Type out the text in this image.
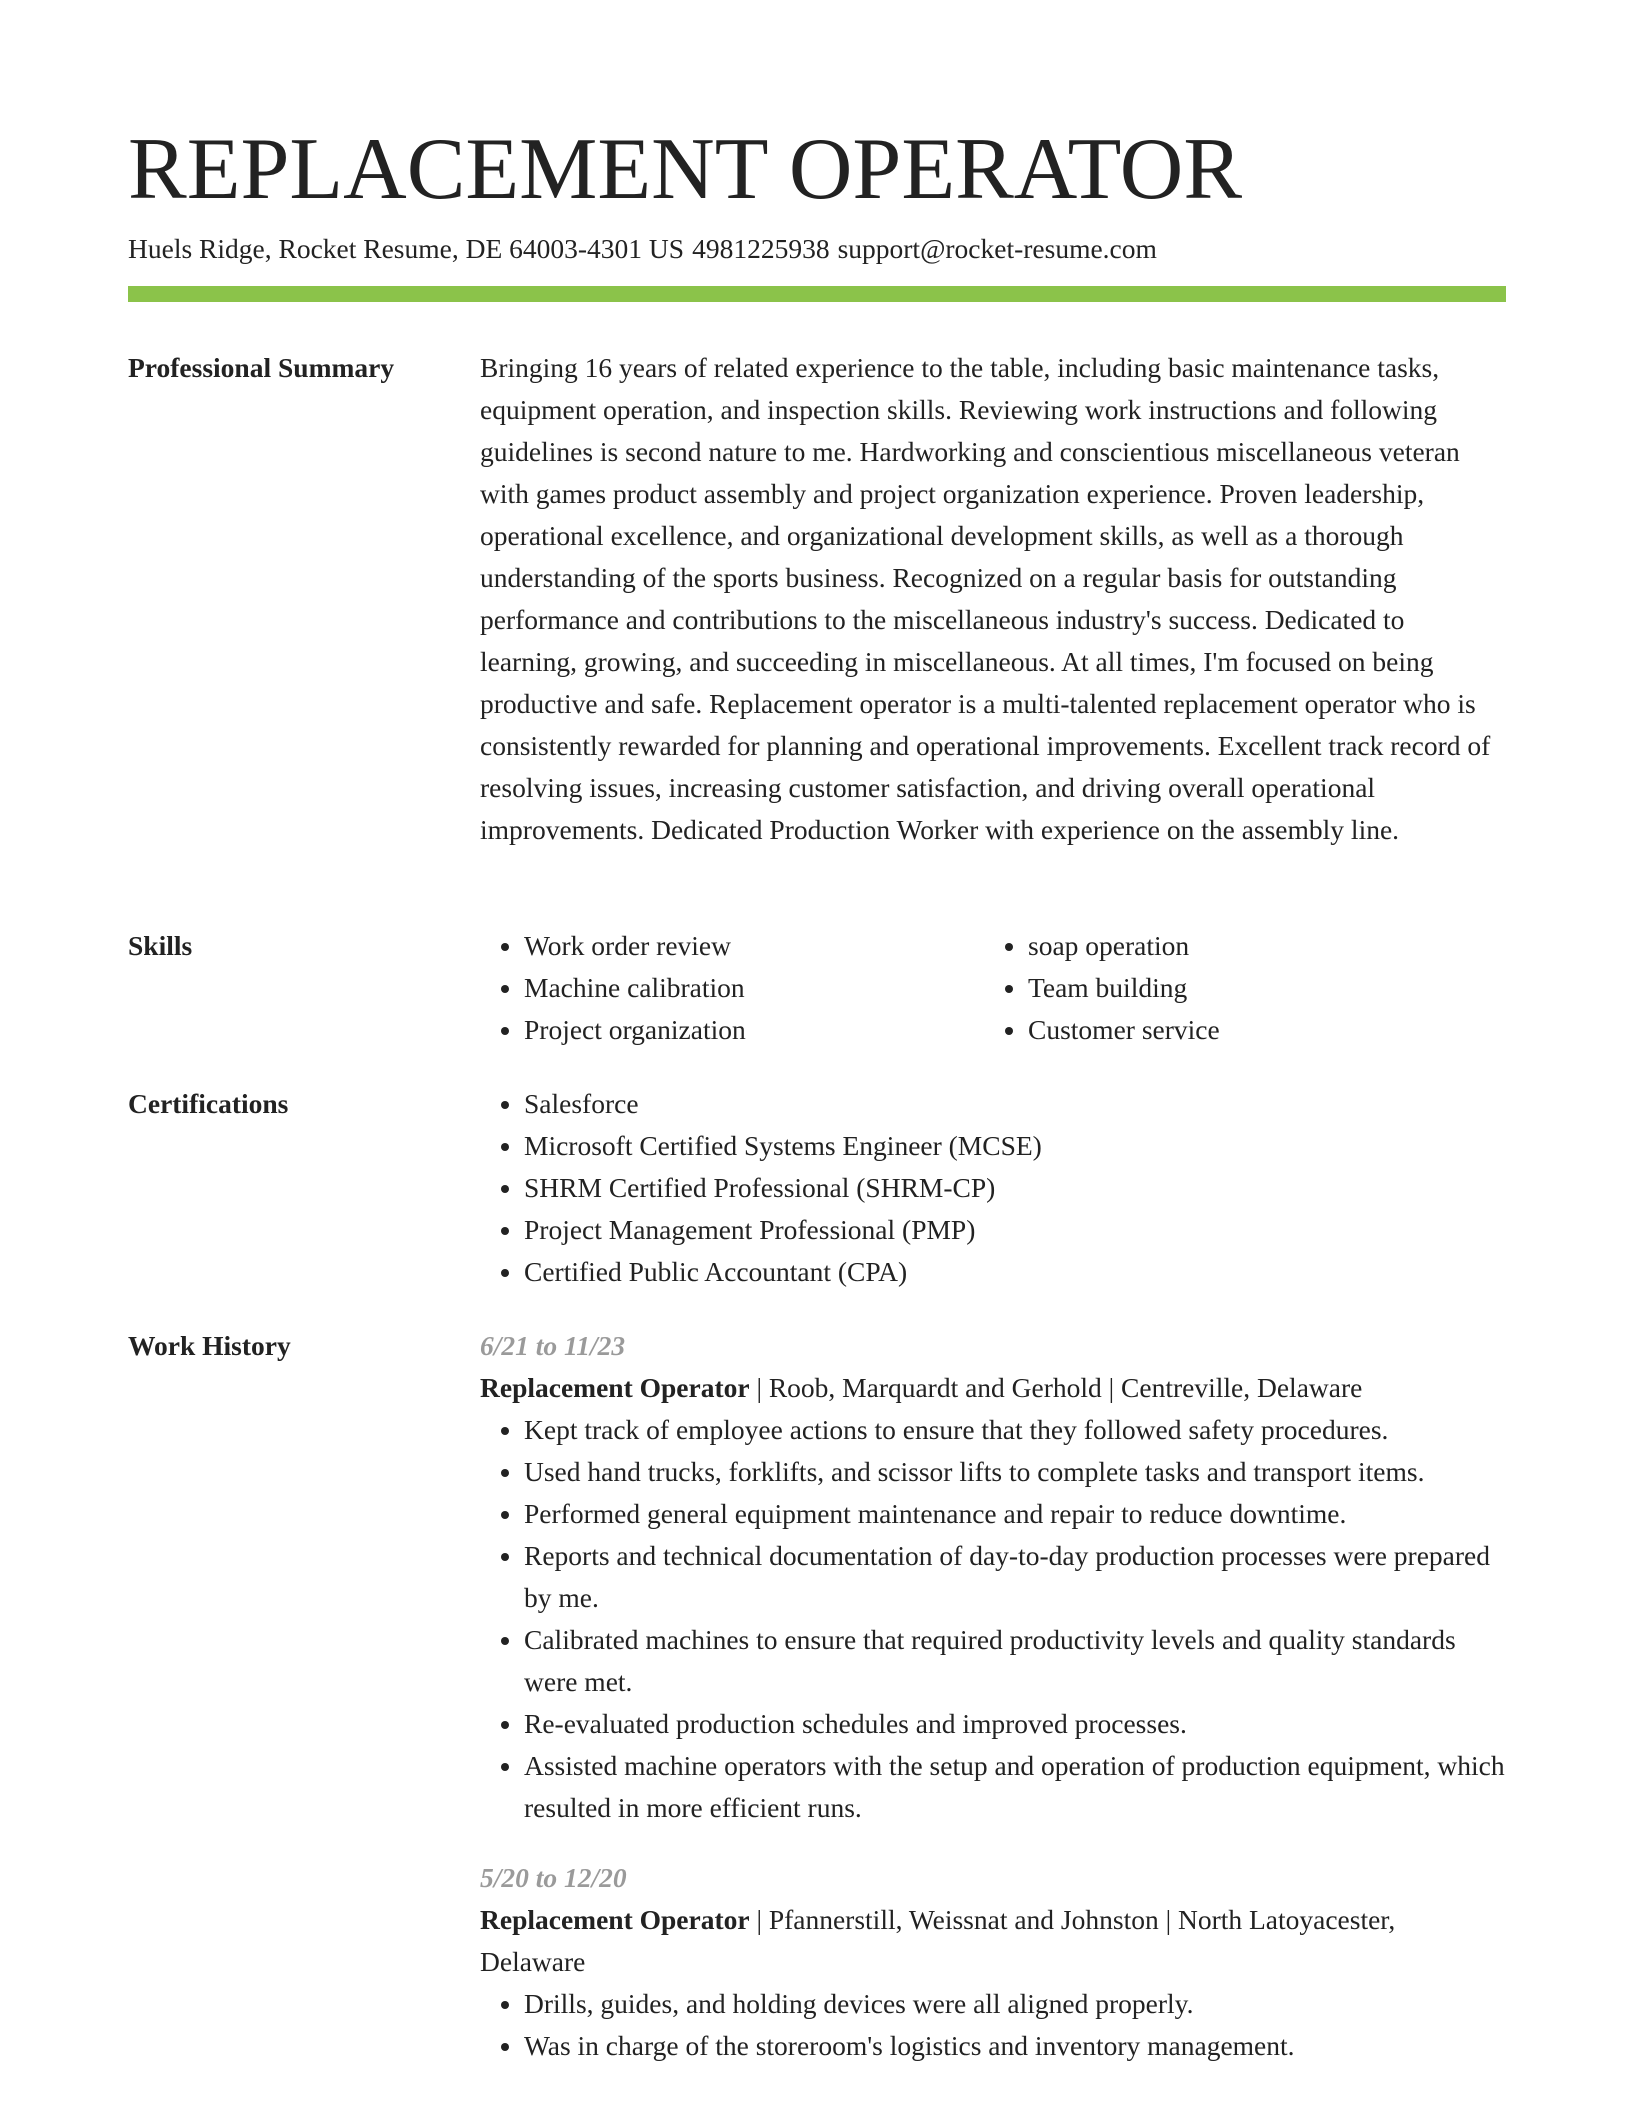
REPLACEMENT OPERATOR
Huels Ridge, Rocket Resume, DE 64003-4301 US 4981225938 support@rocket-resume.com
Professional Summary	Bringing 16 years of related experience to the table, including basic maintenance tasks, equipment operation, and inspection skills. Reviewing work instructions and following guidelines is second nature to me. Hardworking and conscientious miscellaneous veteran with games product assembly and project organization experience. Proven leadership, operational excellence, and organizational development skills, as well as a thorough understanding of the sports business. Recognized on a regular basis for outstanding performance and contributions to the miscellaneous industry's success. Dedicated to learning, growing, and succeeding in miscellaneous. At all times, I'm focused on being productive and safe. Replacement operator is a multi-talented replacement operator who is consistently rewarded for planning and operational improvements. Excellent track record of resolving issues, increasing customer satisfaction, and driving overall operational improvements. Dedicated Production Worker with experience on the assembly line.

Skills	• Work order review
• Machine calibration
• Project organization
• soap operation
• Team building
• Customer service
Certifications	• Salesforce
• Microsoft Certified Systems Engineer (MCSE)
• SHRM Certified Professional (SHRM-CP)
• Project Management Professional (PMP)
• Certified Public Accountant (CPA)
Work History	6/21 to 11/23
Replacement Operator | Roob, Marquardt and Gerhold | Centreville, Delaware
• Kept track of employee actions to ensure that they followed safety procedures.
• Used hand trucks, forklifts, and scissor lifts to complete tasks and transport items.
• Performed general equipment maintenance and repair to reduce downtime.
• Reports and technical documentation of day-to-day production processes were prepared by me.
• Calibrated machines to ensure that required productivity levels and quality standards were met.
• Re-evaluated production schedules and improved processes.
• Assisted machine operators with the setup and operation of production equipment, which resulted in more efficient runs.
5/20 to 12/20
Replacement Operator | Pfannerstill, Weissnat and Johnston | North Latoyacester, Delaware
• Drills, guides, and holding devices were all aligned properly.
• Was in charge of the storeroom's logistics and inventory management.
